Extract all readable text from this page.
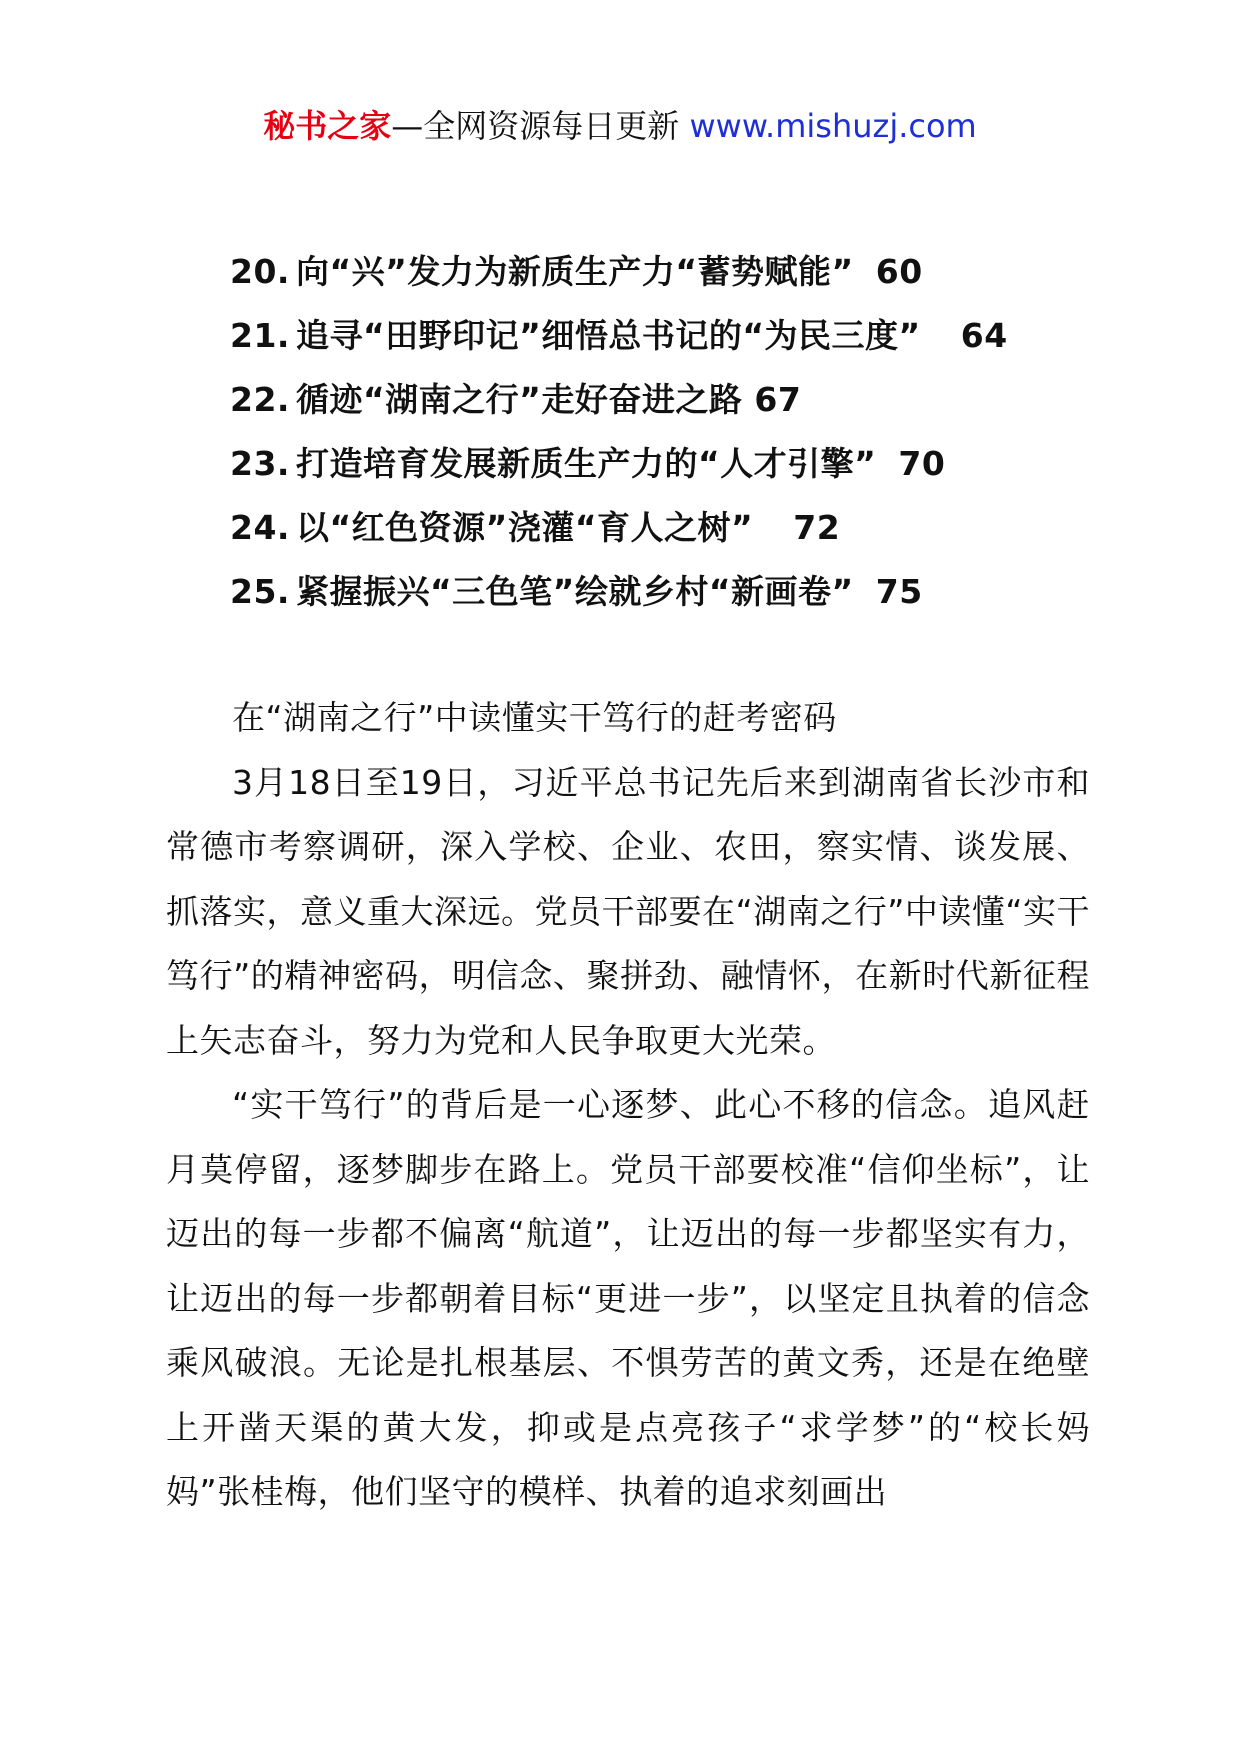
秘书之家—全网资源每日更新 www.mishuzj.com
20. 向“兴”发力为新质生产力“蓄势赋能” 60
21. 追寻“田野印记”细悟总书记的“为民三度” 64
22. 循迹“湖南之行”走好奋进之路 67
23. 打造培育发展新质生产力的“人才引擎” 70
24. 以“红色资源”浇灌“育人之树” 72
25. 紧握振兴“三色笔”绘就乡村“新画卷” 75

在“湖南之行”中读懂实干笃行的赶考密码

3月18日至19日，习近平总书记先后来到湖南省长沙市和常德市考察调研，深入学校、企业、农田，察实情、谈发展、抓落实，意义重大深远。党员干部要在“湖南之行”中读懂“实干笃行”的精神密码，明信念、聚拼劲、融情怀，在新时代新征程上矢志奋斗，努力为党和人民争取更大光荣。

“实干笃行”的背后是一心逐梦、此心不移的信念。追风赶月莫停留，逐梦脚步在路上。党员干部要校准“信仰坐标”，让迈出的每一步都不偏离“航道”，让迈出的每一步都坚实有力，让迈出的每一步都朝着目标“更进一步”，以坚定且执着的信念乘风破浪。无论是扎根基层、不惧劳苦的黄文秀，还是在绝壁上开凿天渠的黄大发，抑或是点亮孩子“求学梦”的“校长妈妈”张桂梅，他们坚守的模样、执着的追求刻画出
